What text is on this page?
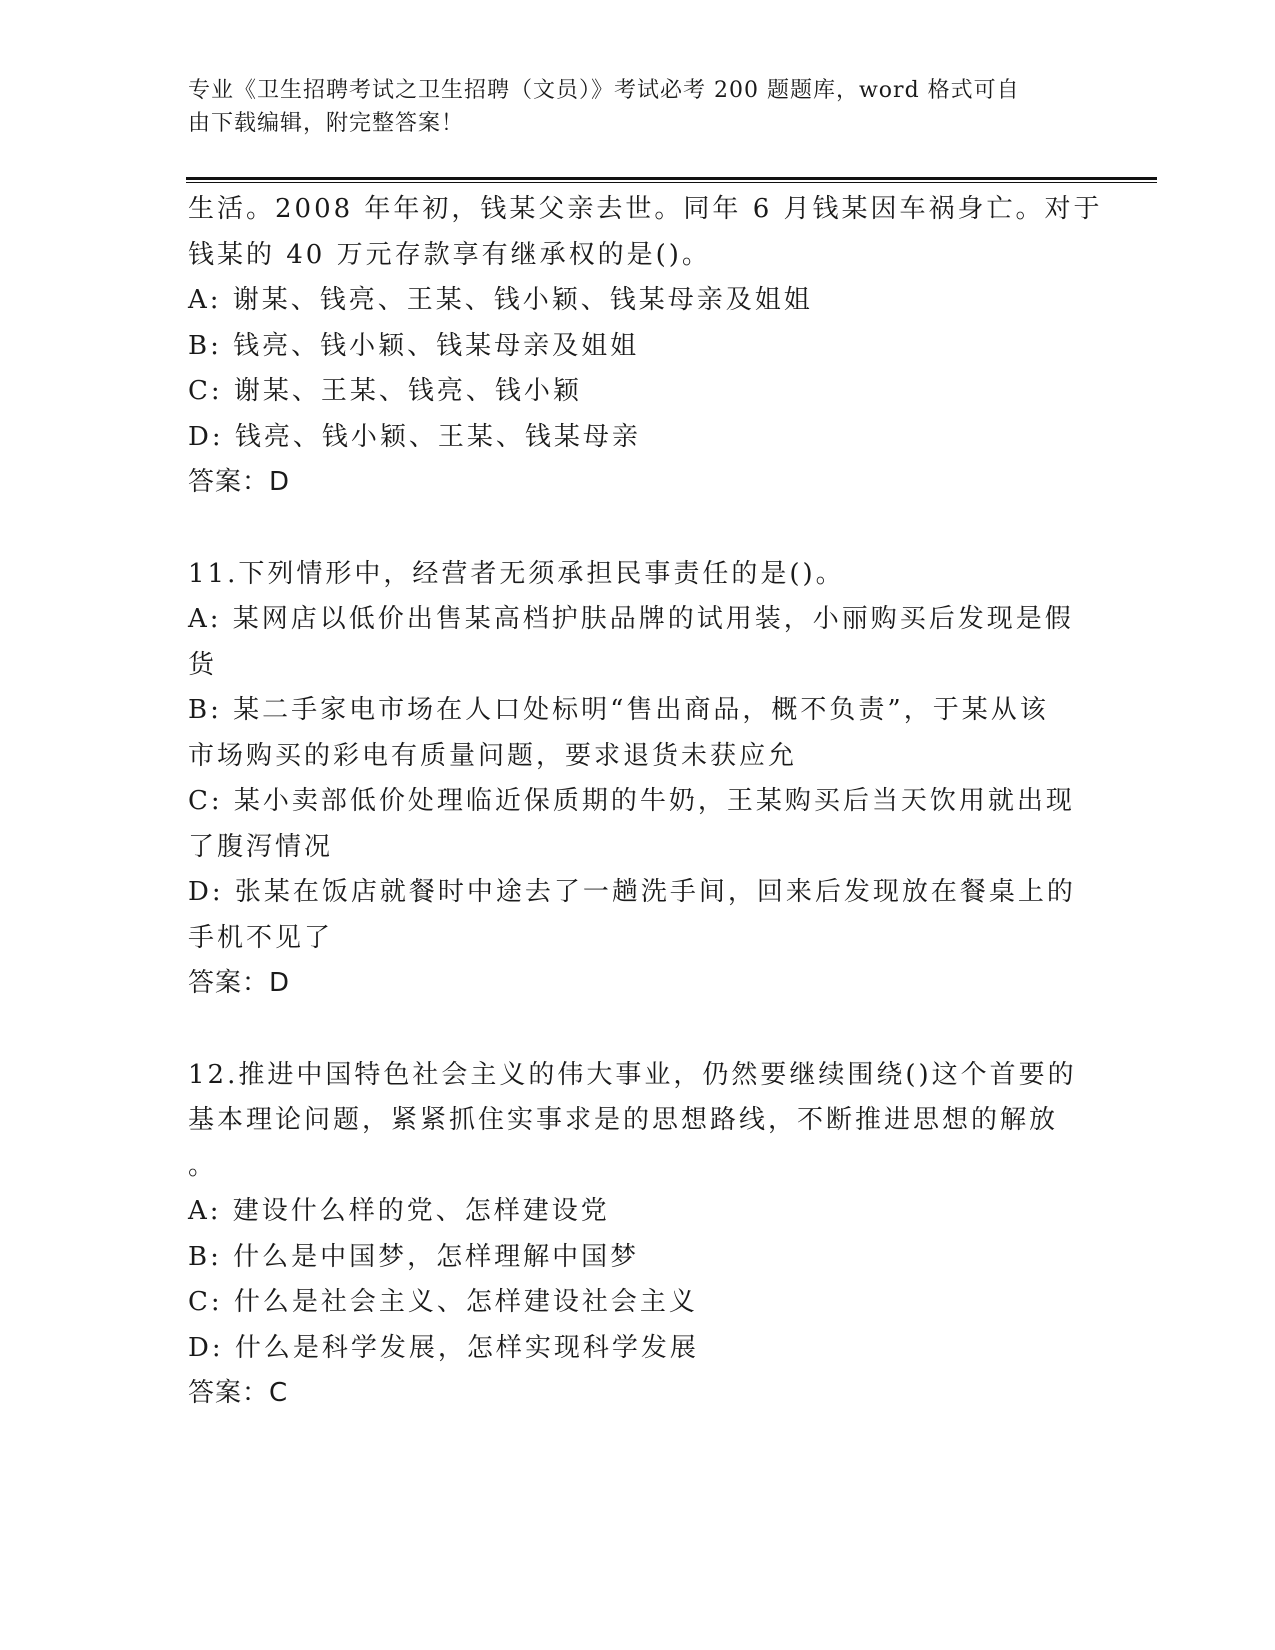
专业《卫生招聘考试之卫生招聘（文员）》考试必考 200 题题库，word 格式可自
由下载编辑，附完整答案！
生活。2008 年年初，钱某父亲去世。同年 6 月钱某因车祸身亡。对于
钱某的 40 万元存款享有继承权的是()。
A: 谢某、钱亮、王某、钱小颖、钱某母亲及姐姐
B: 钱亮、钱小颖、钱某母亲及姐姐
C: 谢某、王某、钱亮、钱小颖
D: 钱亮、钱小颖、王某、钱某母亲
答案：D
11.下列情形中，经营者无须承担民事责任的是()。
A: 某网店以低价出售某高档护肤品牌的试用装，小丽购买后发现是假
货
B: 某二手家电市场在人口处标明“售出商品，概不负责”，于某从该
市场购买的彩电有质量问题，要求退货未获应允
C: 某小卖部低价处理临近保质期的牛奶，王某购买后当天饮用就出现
了腹泻情况
D: 张某在饭店就餐时中途去了一趟洗手间，回来后发现放在餐桌上的
手机不见了
答案：D
12.推进中国特色社会主义的伟大事业，仍然要继续围绕()这个首要的
基本理论问题，紧紧抓住实事求是的思想路线，不断推进思想的解放
。
A: 建设什么样的党、怎样建设党
B: 什么是中国梦，怎样理解中国梦
C: 什么是社会主义、怎样建设社会主义
D: 什么是科学发展，怎样实现科学发展
答案：C
